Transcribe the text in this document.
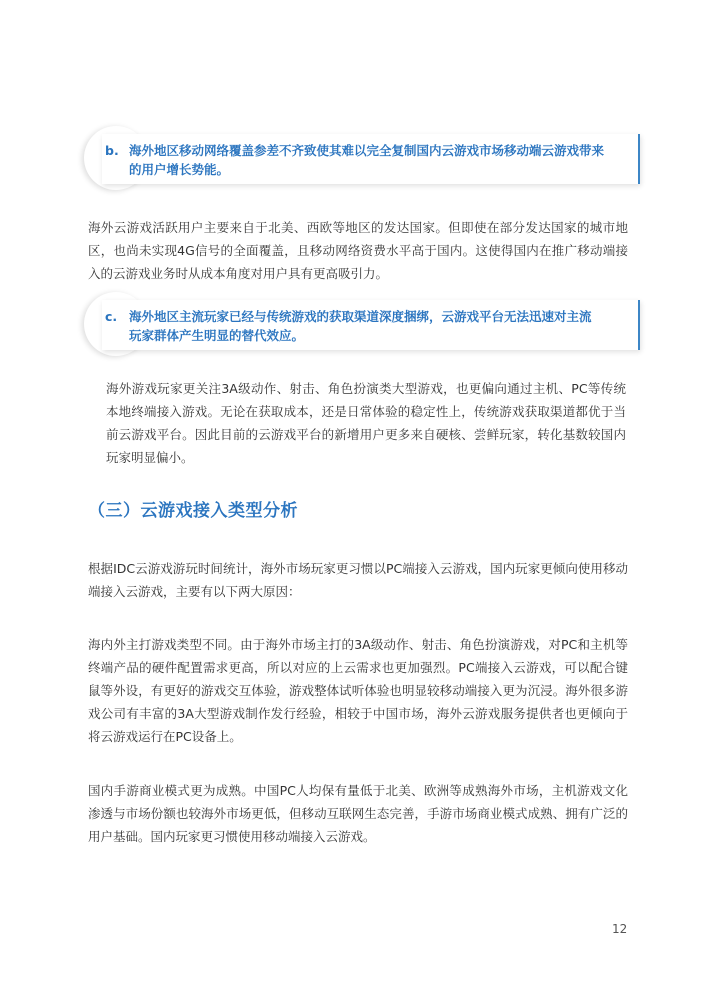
b. 海外地区移动网络覆盖参差不齐致使其难以完全复制国内云游戏市场移动端云游戏带来
的用户增长势能。
海外云游戏活跃用户主要来自于北美、西欧等地区的发达国家。但即使在部分发达国家的城市地区，也尚未实现4G信号的全面覆盖，且移动网络资费水平高于国内。这使得国内在推广移动端接入的云游戏业务时从成本角度对用户具有更高吸引力。
c. 海外地区主流玩家已经与传统游戏的获取渠道深度捆绑，云游戏平台无法迅速对主流
玩家群体产生明显的替代效应。
海外游戏玩家更关注3A级动作、射击、角色扮演类大型游戏，也更偏向通过主机、PC等传统本地终端接入游戏。无论在获取成本，还是日常体验的稳定性上，传统游戏获取渠道都优于当前云游戏平台。因此目前的云游戏平台的新增用户更多来自硬核、尝鲜玩家，转化基数较国内玩家明显偏小。
（三）云游戏接入类型分析
根据IDC云游戏游玩时间统计，海外市场玩家更习惯以PC端接入云游戏，国内玩家更倾向使用移动端接入云游戏，主要有以下两大原因：
海内外主打游戏类型不同。由于海外市场主打的3A级动作、射击、角色扮演游戏，对PC和主机等终端产品的硬件配置需求更高，所以对应的上云需求也更加强烈。PC端接入云游戏，可以配合键鼠等外设，有更好的游戏交互体验，游戏整体试听体验也明显较移动端接入更为沉浸。海外很多游戏公司有丰富的3A大型游戏制作发行经验，相较于中国市场，海外云游戏服务提供者也更倾向于将云游戏运行在PC设备上。
国内手游商业模式更为成熟。中国PC人均保有量低于北美、欧洲等成熟海外市场，主机游戏文化渗透与市场份额也较海外市场更低，但移动互联网生态完善，手游市场商业模式成熟、拥有广泛的用户基础。国内玩家更习惯使用移动端接入云游戏。
12
